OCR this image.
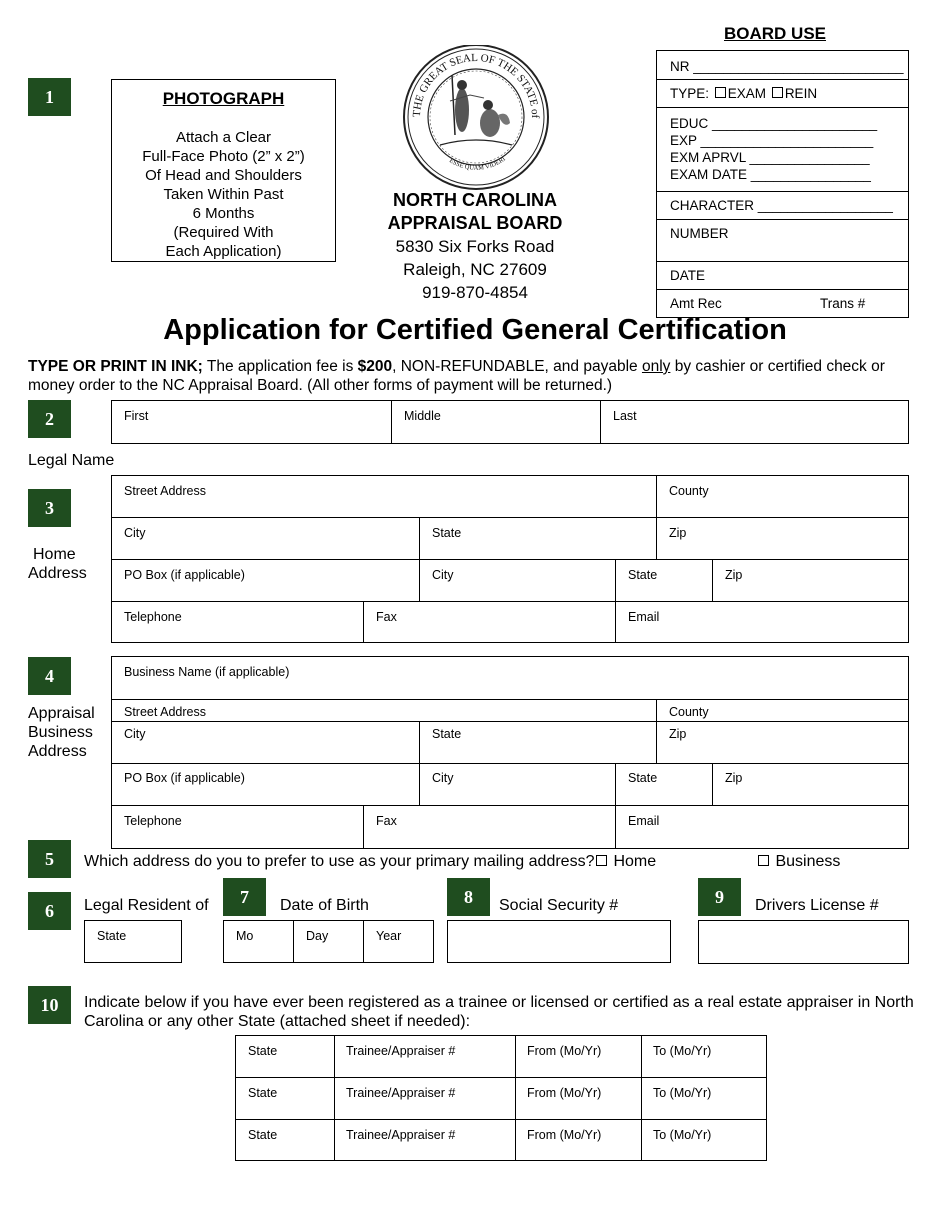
1	PHOTOGRAPH
Attach a Clear
Full-Face Photo (2” x 2”)
Of Head and Shoulders
Taken Within Past
6 Months
(Required With
Each Application)
THE GREAT SEAL OF THE STATE of
ESSE QUAM VIDERI
NORTH CAROLINA
APPRAISAL BOARD
5830 Six Forks Road
Raleigh, NC 27609
919-870-4854
BOARD USE
NR ____________________________
TYPE: EXAM REIN
EDUC ______________________
EXP _______________________
EXM APRVL ________________
EXAM DATE ________________
CHARACTER __________________
NUMBER
DATE
Amt Rec	Trans #
Application for Certified General Certification
TYPE OR PRINT IN INK; The application fee is $200, NON-REFUNDABLE, and payable only by cashier or certified check or money order to the NC Appraisal Board. (All other forms of payment will be returned.)
2	First	Middle	Last
Legal Name
3
Home
Address
Street Address	County
City	State	Zip
PO Box (if applicable)	City	State	Zip
Telephone	Fax	Email
4
Appraisal
Business
Address
Business Name (if applicable)
Street Address	County
City	State	Zip
PO Box (if applicable)	City	State	Zip
Telephone	Fax	Email
5	Which address do you to prefer to use as your primary mailing address?	Home	Business
6	Legal Resident of
State
7	Date of Birth
Mo	Day	Year
8	Social Security #	9	Drivers License #
10	Indicate below if you have ever been registered as a trainee or licensed or certified as a real estate appraiser in North Carolina or any other State (attached sheet if needed):
State	Trainee/Appraiser #	From (Mo/Yr)	To (Mo/Yr)
State	Trainee/Appraiser #	From (Mo/Yr)	To (Mo/Yr)
State	Trainee/Appraiser #	From (Mo/Yr)	To (Mo/Yr)
